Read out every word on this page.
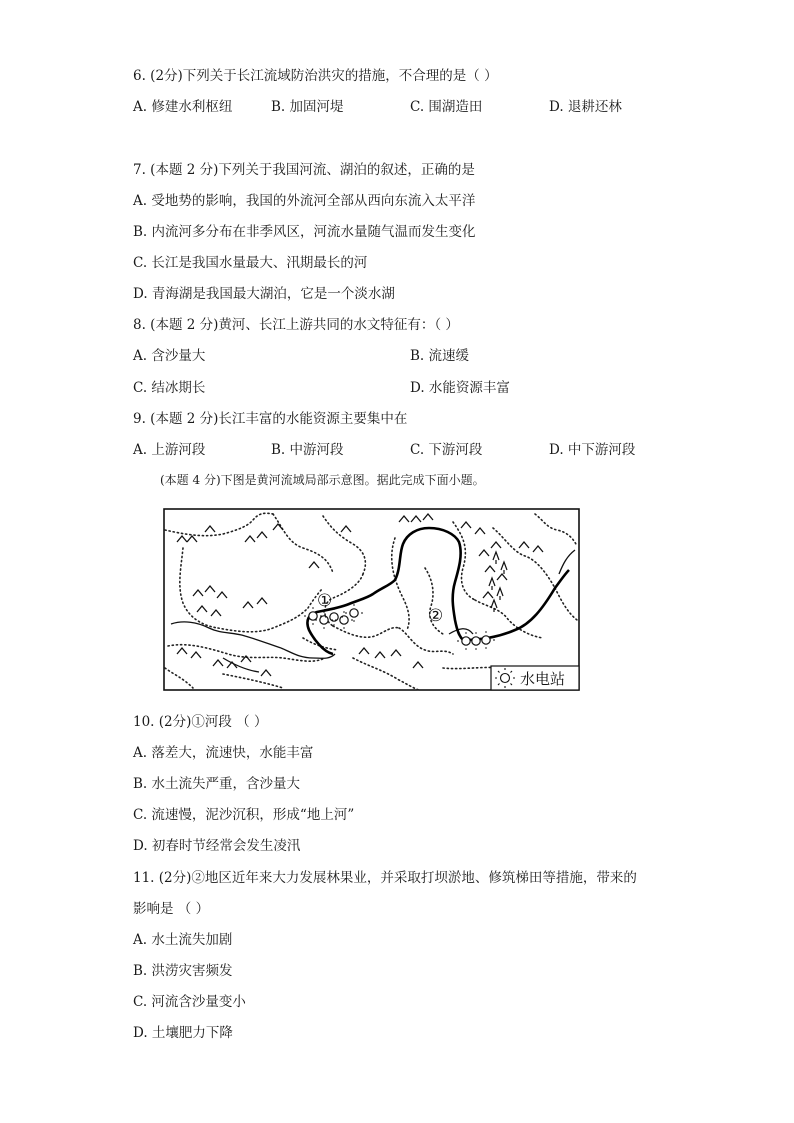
6. (2分)下列关于长江流域防治洪灾的措施，不合理的是（ ）
A. 修建水利枢纽	B. 加固河堤	C. 围湖造田	D. 退耕还林
7. (本题 2 分)下列关于我国河流、湖泊的叙述，正确的是
A. 受地势的影响，我国的外流河全部从西向东流入太平洋
B. 内流河多分布在非季风区，河流水量随气温而发生变化
C. 长江是我国水量最大、汛期最长的河
D. 青海湖是我国最大湖泊，它是一个淡水湖
8. (本题 2 分)黄河、长江上游共同的水文特征有：（ ）
A. 含沙量大	B. 流速缓
C. 结冰期长	D. 水能资源丰富
9. (本题 2 分)长江丰富的水能资源主要集中在
A. 上游河段	B. 中游河段	C. 下游河段	D. 中下游河段
(本题 4 分)下图是黄河流域局部示意图。据此完成下面小题。
①
②
水电站
10. (2分)①河段 （ ）
A. 落差大，流速快，水能丰富
B. 水土流失严重，含沙量大
C. 流速慢，泥沙沉积，形成“地上河”
D. 初春时节经常会发生凌汛
11. (2分)②地区近年来大力发展林果业，并采取打坝淤地、修筑梯田等措施，带来的
影响是 （ ）
A. 水土流失加剧
B. 洪涝灾害频发
C. 河流含沙量变小
D. 土壤肥力下降
